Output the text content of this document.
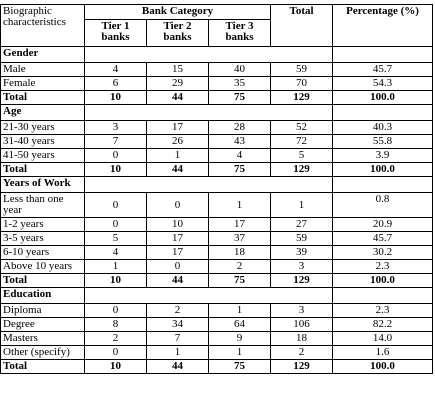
Biographic characteristics	Bank Category			Total	Percentage (%)
	Tier 1 banks	Tier 2 banks	Tier 3 banks		
Gender					
Male	4	15	40	59	45.7
Female	6	29	35	70	54.3
Total	10	44	75	129	100.0
Age					
21-30 years	3	17	28	52	40.3
31-40 years	7	26	43	72	55.8
41-50 years	0	1	4	5	3.9
Total	10	44	75	129	100.0
Years of Work					
Less than one year	0	0	1	1	0.8
1-2 years	0	10	17	27	20.9
3-5 years	5	17	37	59	45.7
6-10 years	4	17	18	39	30.2
Above 10 years	1	0	2	3	2.3
Total	10	44	75	129	100.0
Education					
Diploma	0	2	1	3	2.3
Degree	8	34	64	106	82.2
Masters	2	7	9	18	14.0
Other (specify)	0	1	1	2	1.6
Total	10	44	75	129	100.0
